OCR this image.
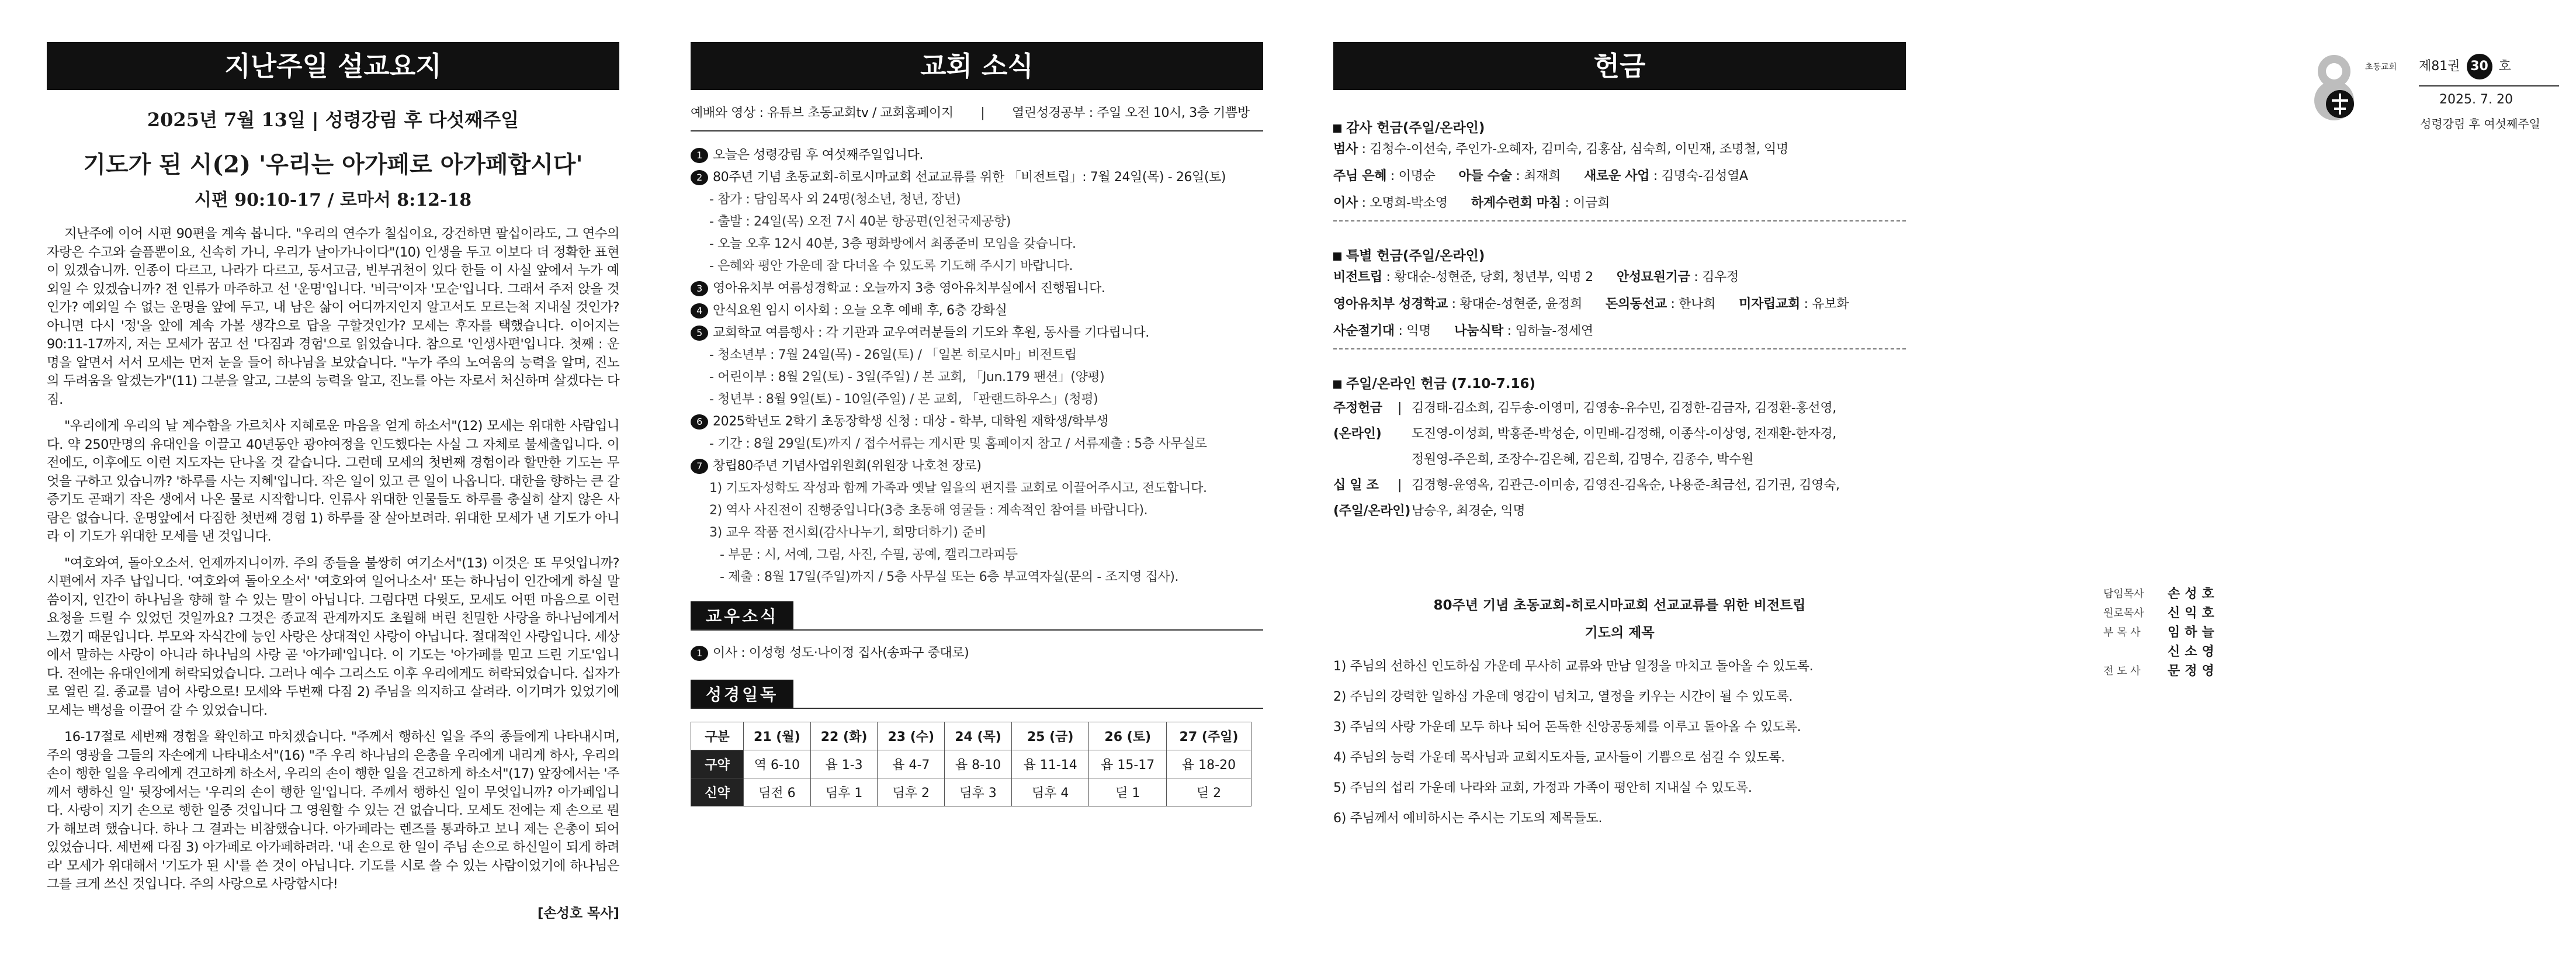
지난주일 설교요지
2025년 7월 13일 | 성령강림 후 다섯째주일
기도가 된 시(2) '우리는 아가페로 아가페합시다'
시편 90:10-17 / 로마서 8:12-18

지난주에 이어 시편 90편을 계속 봅니다. "우리의 연수가 칠십이요, 강건하면 팔십이라도, 그 연수의 자랑은 수고와 슬픔뿐이요, 신속히 가니, 우리가 날아가나이다"(10) 인생을 두고 이보다 더 정확한 표현이 있겠습니까. 인종이 다르고, 나라가 다르고, 동서고금, 빈부귀천이 있다 한들 이 사실 앞에서 누가 예외일 수 있겠습니까? 전 인류가 마주하고 선 '운명'입니다. '비극'이자 '모순'입니다. 그래서 주저 앉을 것인가? 예외일 수 없는 운명을 앞에 두고, 내 남은 삶이 어디까지인지 알고서도 모르는척 지내실 것인가? 아니면 다시 '정'을 앞에 계속 가볼 생각으로 답을 구할것인가? 모세는 후자를 택했습니다. 이어지는 90:11-17까지, 저는 모세가 꿈고 선 '다짐과 경험'으로 읽었습니다. 참으로 '인생사편'입니다. 첫째 : 운명을 알면서 서서 모세는 먼저 눈을 들어 하나님을 보았습니다. "누가 주의 노여움의 능력을 알며, 진노의 두려움을 알겠는가"(11) 그분을 알고, 그분의 능력을 알고, 진노를 아는 자로서 처신하며 살겠다는 다짐.

"우리에게 우리의 날 계수함을 가르치사 지혜로운 마음을 얻게 하소서"(12) 모세는 위대한 사람입니다. 약 250만명의 유대인을 이끌고 40년동안 광야여정을 인도했다는 사실 그 자체로 불세출입니다. 이전에도, 이후에도 이런 지도자는 단나올 것 같습니다. 그런데 모세의 첫번째 경험이라 할만한 기도는 무엇을 구하고 있습니까? '하루를 사는 지혜'입니다. 작은 일이 있고 큰 일이 나옵니다. 대한을 향하는 큰 갈증기도 곧패기 작은 생에서 나온 물로 시작합니다. 인류사 위대한 인물들도 하루를 충실히 살지 않은 사람은 없습니다. 운명앞에서 다짐한 첫번째 경험 1) 하루를 잘 살아보려라. 위대한 모세가 낸 기도가 아니라 이 기도가 위대한 모세를 낸 것입니다.

"여호와여, 돌아오소서. 언제까지니이까. 주의 종들을 불쌍히 여기소서"(13) 이것은 또 무엇입니까? 시편에서 자주 납입니다. '여호와여 돌아오소서' '여호와여 일어나소서' 또는 하나님이 인간에게 하실 말씀이지, 인간이 하나님을 향해 할 수 있는 말이 아닙니다. 그럼다면 다윗도, 모세도 어떤 마음으로 이런 요청을 드릴 수 있었던 것일까요? 그것은 종교적 관계까지도 초월해 버린 친밀한 사랑을 하나님에게서 느꼈기 때문입니다. 부모와 자식간에 능인 사랑은 상대적인 사랑이 아닙니다. 절대적인 사랑입니다. 세상에서 말하는 사랑이 아니라 하나님의 사랑 곧 '아가페'입니다. 이 기도는 '아가페를 믿고 드린 기도'입니다. 전에는 유대인에게 허락되었습니다. 그러나 예수 그리스도 이후 우리에게도 허락되었습니다. 십자가로 열린 길. 종교를 넘어 사랑으로! 모세와 두번째 다짐 2) 주님을 의지하고 살려라. 이기며가 있었기에 모세는 백성을 이끌어 갈 수 있었습니다.

16-17절로 세번째 경험을 확인하고 마치겠습니다. "주께서 행하신 일을 주의 종들에게 나타내시며, 주의 영광을 그들의 자손에게 나타내소서"(16) "주 우리 하나님의 은총을 우리에게 내리게 하사, 우리의 손이 행한 일을 우리에게 견고하게 하소서, 우리의 손이 행한 일을 견고하게 하소서"(17) 앞장에서는 '주께서 행하신 일' 뒷장에서는 '우리의 손이 행한 일'입니다. 주께서 행하신 일이 무엇입니까? 아가페입니다. 사랑이 지기 손으로 행한 일중 것입니다 그 영원할 수 있는 건 없습니다. 모세도 전에는 제 손으로 뭔가 해보려 했습니다. 하나 그 결과는 비참했습니다. 아가페라는 렌즈를 통과하고 보니 제는 은총이 되어 있었습니다. 세번째 다짐 3) 아가페로 아가페하려라. '내 손으로 한 일이 주님 손으로 하신일이 되게 하려라' 모세가 위대해서 '기도가 된 시'를 쓴 것이 아닙니다. 기도를 시로 쓸 수 있는 사람이었기에 하나님은 그를 크게 쓰신 것입니다. 주의 사랑으로 사랑합시다!

[손성호 목사]
교회 소식
예배와 영상 : 유튜브 초동교회tv / 교회홈페이지 | 열린성경공부 : 주일 오전 10시, 3층 기쁨방
1 오늘은 성령강림 후 여섯째주일입니다.
2 80주년 기념 초동교회-히로시마교회 선교교류를 위한 「비전트립」: 7월 24일(목) - 26일(토)
- 참가 : 담임목사 외 24명(청소년, 청년, 장년)
- 출발 : 24일(목) 오전 7시 40분 항공편(인천국제공항)
- 오늘 오후 12시 40분, 3층 평화방에서 최종준비 모임을 갖습니다.
- 은혜와 평안 가운데 잘 다녀올 수 있도록 기도해 주시기 바랍니다.
3 영아유치부 여름성경학교 : 오늘까지 3층 영아유치부실에서 진행됩니다.
4 안식요원 임시 이사회 : 오늘 오후 예배 후, 6층 강화실
5 교회학교 여름행사 : 각 기관과 교우여러분들의 기도와 후원, 동사를 기다립니다.
- 청소년부 : 7월 24일(목) - 26일(토) / 「일본 히로시마」비전트립
- 어린이부 : 8월 2일(토) - 3일(주일) / 본 교회, 「Jun.179 팬션」(양평)
- 청년부 : 8월 9일(토) - 10일(주일) / 본 교회, 「판랜드하우스」(청평)
6 2025학년도 2학기 초동장학생 신청 : 대상 - 학부, 대학원 재학생/학부생
- 기간 : 8월 29일(토)까지 / 접수서류는 게시판 및 홈페이지 참고 / 서류제출 : 5층 사무실로
7 창립80주년 기념사업위원회(위원장 나호천 장로)
1) 기도자성학도 작성과 함께 가족과 옛날 일을의 편지를 교회로 이끌어주시고, 전도합니다.
2) 역사 사진전이 진행중입니다(3층 초동해 영굴들 : 계속적인 참여를 바랍니다).
3) 교우 작품 전시회(감사나누기, 희망더하기) 준비
- 부문 : 시, 서예, 그림, 사진, 수필, 공예, 캘리그라피등
- 제출 : 8월 17일(주일)까지 / 5층 사무실 또는 6층 부교역자실(문의 - 조지영 집사).
교우소식
1 이사 : 이성형 성도·나이정 집사(송파구 중대로)
성경일독
구분	21 (월)	22 (화)	23 (수)	24 (목)	25 (금)	26 (토)	27 (주일)
구약	역 6-10	욥 1-3	욥 4-7	욥 8-10	욥 11-14	욥 15-17	욥 18-20
신약	딤전 6	딤후 1	딤후 2	딤후 3	딤후 4	딛 1	딛 2
헌금
감사 헌금(주일/온라인)
범사 : 김청수-이선숙, 주인가-오혜자, 김미숙, 김홍삼, 심숙희, 이민재, 조명철, 익명
주님 은혜 : 이명순 아들 수술 : 최재희 새로운 사업 : 김명숙-김성열A
이사 : 오명희-박소영 하계수련회 마침 : 이금희
특별 헌금(주일/온라인)
비전트립 : 황대순-성현준, 당회, 청년부, 익명 2 안성묘원기금 : 김우정
영아유치부 성경학교 : 황대순-성현준, 윤정희 돈의동선교 : 한나희 미자립교회 : 유보화
사순절기대 : 익명 나눔식탁 : 임하늘-정세연
주일/온라인 헌금 (7.10-7.16)
주정헌금	| 김경태-김소희, 김두송-이영미, 김영송-유수민, 김정한-김금자, 김정환-홍선영,
(온라인)	도진영-이성희, 박홍준-박성순, 이민배-김정해, 이종삭-이상영, 전재환-한자경,
정원영-주은희, 조장수-김은혜, 김은희, 김명수, 김종수, 박수원
십 일 조	| 김경형-윤영옥, 김관근-이미송, 김영진-김옥순, 나용준-최금선, 김기권, 김영숙,
(주일/온라인) 남승우, 최경순, 익명
80주년 기념 초동교회-히로시마교회 선교교류를 위한 비전트립
기도의 제목
1) 주님의 선하신 인도하심 가운데 무사히 교류와 만남 일정을 마치고 돌아올 수 있도록.
2) 주님의 강력한 일하심 가운데 영감이 넘치고, 열정을 키우는 시간이 될 수 있도록.
3) 주님의 사랑 가운데 모두 하나 되어 돈독한 신앙공동체를 이루고 돌아올 수 있도록.
4) 주님의 능력 가운데 목사님과 교회지도자들, 교사들이 기쁨으로 섬길 수 있도록.
5) 주님의 섭리 가운데 나라와 교회, 가정과 가족이 평안히 지내실 수 있도록.
6) 주님께서 예비하시는 주시는 기도의 제목들도.
담임목사	손성호
원로목사	신익호
부 목 사	임하늘
신소영
전 도 사	문정영
초동교회 제81권 30 호
2025. 7. 20
성령강림 후 여섯째주일
